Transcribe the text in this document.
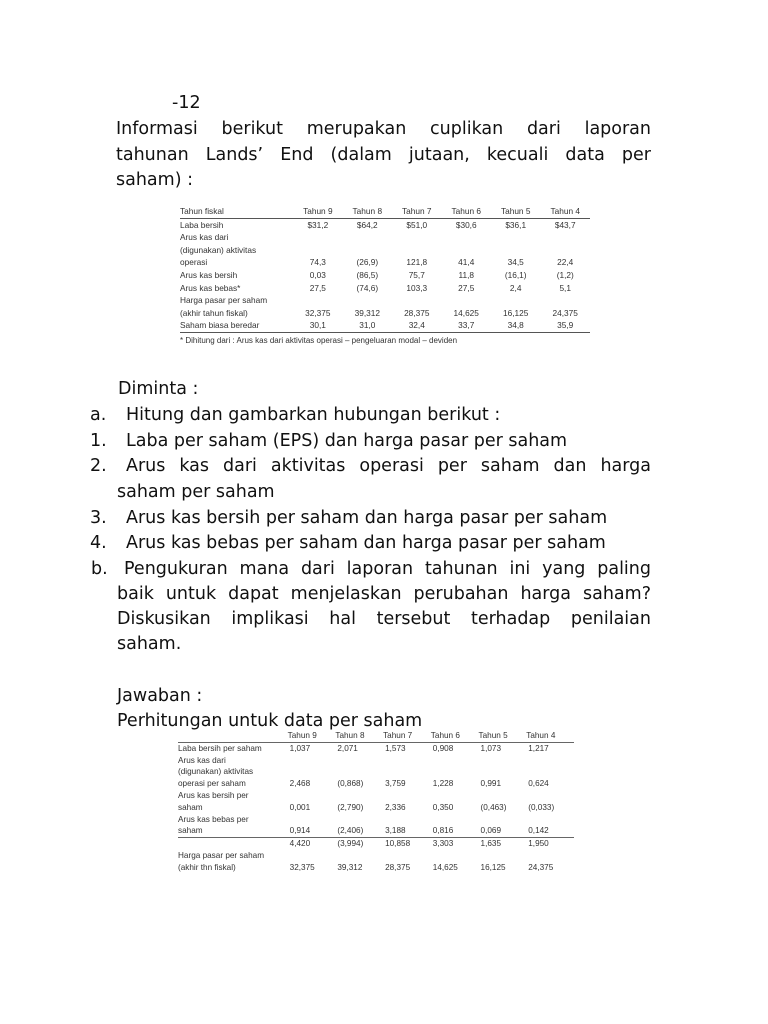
-12
Informasi berikut merupakan cuplikan dari laporan
tahunan Lands’ End (dalam jutaan, kecuali data per
saham) :
Tahun fiskal	Tahun 9	Tahun 8	Tahun 7	Tahun 6	Tahun 5	Tahun 4
Laba bersih	$31,2	$64,2	$51,0	$30,6	$36,1	$43,7
Arus kas dari						
(digunakan) aktivitas						
operasi	74,3	(26,9)	121,8	41,4	34,5	22,4
Arus kas bersih	0,03	(86,5)	75,7	11,8	(16,1)	(1,2)
Arus kas bebas*	27,5	(74,6)	103,3	27,5	2,4	5,1
Harga pasar per saham						
(akhir tahun fiskal)	32,375	39,312	28,375	14,625	16,125	24,375
Saham biasa beredar	30,1	31,0	32,4	33,7	34,8	35,9
* Dihitung dari : Arus kas dari aktivitas operasi – pengeluaran modal – deviden
Diminta :
a. Hitung dan gambarkan hubungan berikut :
1. Laba per saham (EPS) dan harga pasar per saham
2. Arus kas dari aktivitas operasi per saham dan harga
saham per saham
3. Arus kas bersih per saham dan harga pasar per saham
4. Arus kas bebas per saham dan harga pasar per saham
b. Pengukuran mana dari laporan tahunan ini yang paling
baik untuk dapat menjelaskan perubahan harga saham?
Diskusikan implikasi hal tersebut terhadap penilaian
saham.
Jawaban :
Perhitungan untuk data per saham
	Tahun 9	Tahun 8	Tahun 7	Tahun 6	Tahun 5	Tahun 4
Laba bersih per saham	1,037	2,071	1,573	0,908	1,073	1,217
Arus kas dari						
(digunakan) aktivitas						
operasi per saham	2,468	(0,868)	3,759	1,228	0,991	0,624
Arus kas bersih per						
saham	0,001	(2,790)	2,336	0,350	(0,463)	(0,033)
Arus kas bebas per						
saham	0,914	(2,406)	3,188	0,816	0,069	0,142
	4,420	(3,994)	10,858	3,303	1,635	1,950

Harga pasar per saham						
(akhir thn fiskal)	32,375	39,312	28,375	14,625	16,125	24,375
